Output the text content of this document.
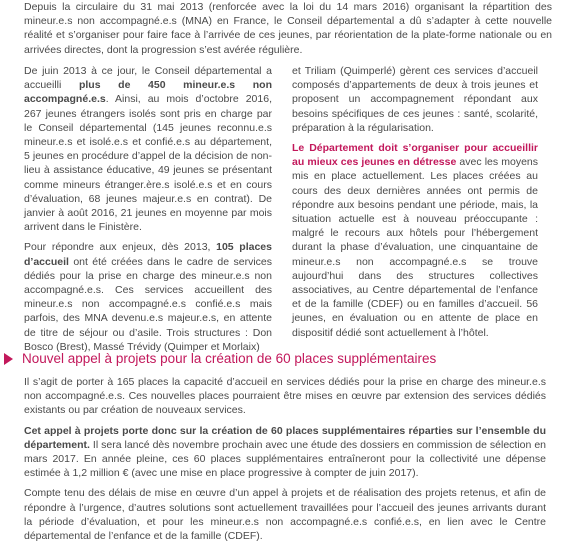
Depuis la circulaire du 31 mai 2013 (renforcée avec la loi du 14 mars 2016) organisant la répartition des mineur.e.s non accompagné.e.s (MNA) en France, le Conseil départemental a dû s’adapter à cette nouvelle réalité et s’organiser pour faire face à l’arrivée de ces jeunes, par réorientation de la plate-forme nationale ou en arrivées directes, dont la progression s’est avérée régulière.

De juin 2013 à ce jour, le Conseil départemental a accueilli plus de 450 mineur.e.s non accompagné.e.s. Ainsi, au mois d’octobre 2016, 267 jeunes étrangers isolés sont pris en charge par le Conseil départemental (145 jeunes reconnu.e.s mineur.e.s et isolé.e.s et confié.e.s au département, 5 jeunes en procédure d’appel de la décision de non-lieu à assistance éducative, 49 jeunes se présentant comme mineurs étranger.ère.s isolé.e.s et en cours d’évaluation, 68 jeunes majeur.e.s en contrat). De janvier à août 2016, 21 jeunes en moyenne par mois arrivent dans le Finistère.

Pour répondre aux enjeux, dès 2013, 105 places d’accueil ont été créées dans le cadre de services dédiés pour la prise en charge des mineur.e.s non accompagné.e.s. Ces services accueillent des mineur.e.s non accompagné.e.s confié.e.s mais parfois, des MNA devenu.e.s majeur.e.s, en attente de titre de séjour ou d’asile. Trois structures : Don Bosco (Brest), Massé Trévidy (Quimper et Morlaix)

et Triliam (Quimperlé) gèrent ces services d’accueil composés d’appartements de deux à trois jeunes et proposent un accompagnement répondant aux besoins spécifiques de ces jeunes : santé, scolarité, préparation à la régularisation.

Le Département doit s’organiser pour accueillir au mieux ces jeunes en détresse avec les moyens mis en place actuellement. Les places créées au cours des deux dernières années ont permis de répondre aux besoins pendant une période, mais, la situation actuelle est à nouveau préoccupante : malgré le recours aux hôtels pour l’hébergement durant la phase d’évaluation, une cinquantaine de mineur.e.s non accompagné.e.s se trouve aujourd’hui dans des structures collectives associatives, au Centre départemental de l’enfance et de la famille (CDEF) ou en familles d’accueil. 56 jeunes, en évaluation ou en attente de place en dispositif dédié sont actuellement à l’hôtel.

Nouvel appel à projets pour la création de 60 places supplémentaires

Il s’agit de porter à 165 places la capacité d’accueil en services dédiés pour la prise en charge des mineur.e.s non accompagné.e.s. Ces nouvelles places pourraient être mises en œuvre par extension des services dédiés existants ou par création de nouveaux services.

Cet appel à projets porte donc sur la création de 60 places supplémentaires réparties sur l’ensemble du département. Il sera lancé dès novembre prochain avec une étude des dossiers en commission de sélection en mars 2017. En année pleine, ces 60 places supplémentaires entraîneront pour la collectivité une dépense estimée à 1,2 million € (avec une mise en place progressive à compter de juin 2017).

Compte tenu des délais de mise en œuvre d’un appel à projets et de réalisation des projets retenus, et afin de répondre à l’urgence, d’autres solutions sont actuellement travaillées pour l’accueil des jeunes arrivants durant la période d’évaluation, et pour les mineur.e.s non accompagné.e.s confié.e.s, en lien avec le Centre départemental de l’enfance et de la famille (CDEF).
